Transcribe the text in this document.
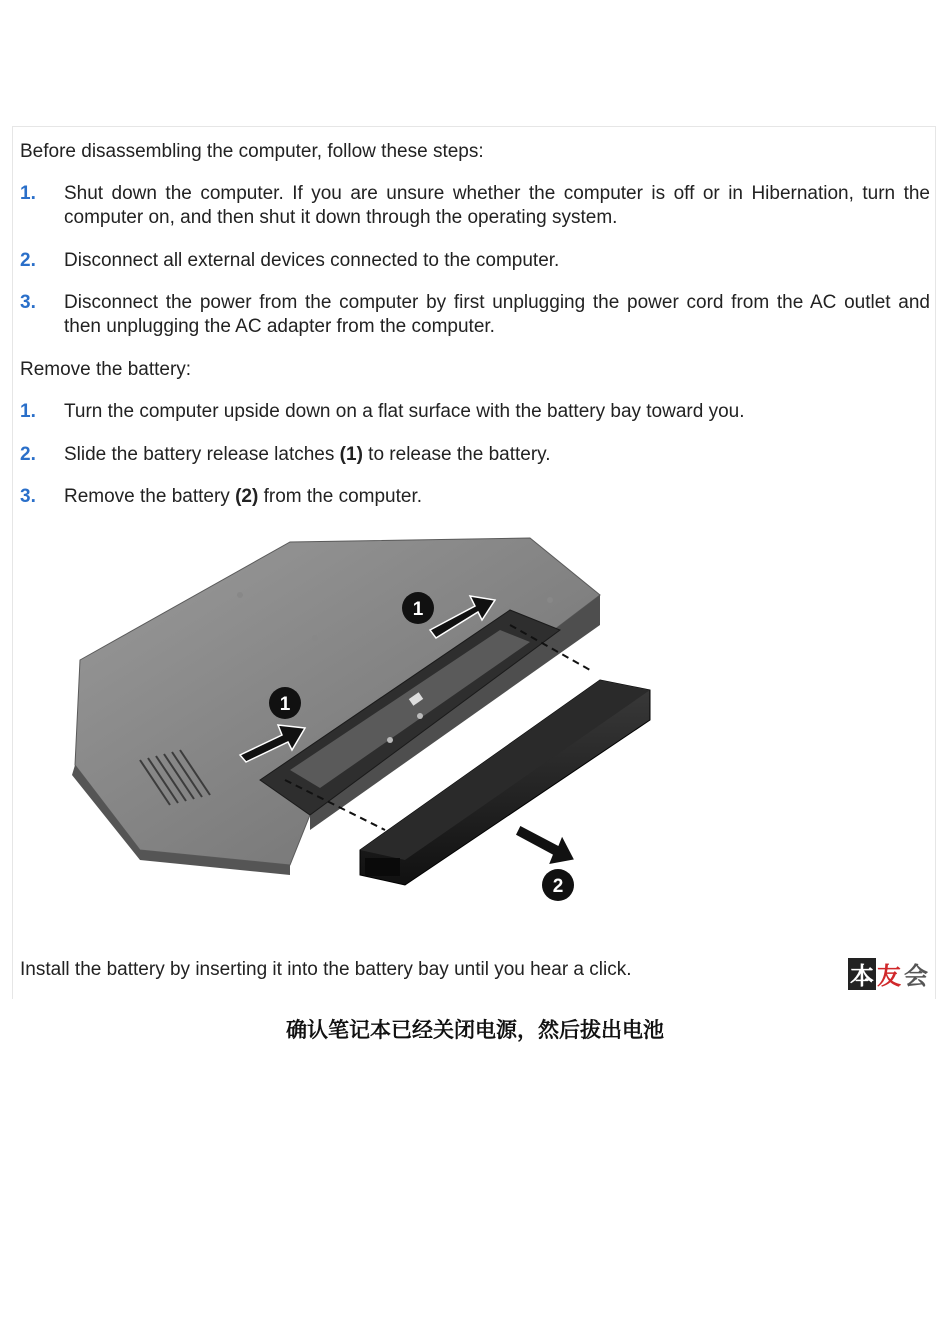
Before disassembling the computer, follow these steps:
1. Shut down the computer. If you are unsure whether the computer is off or in Hibernation, turn the computer on, and then shut it down through the operating system.
2. Disconnect all external devices connected to the computer.
3. Disconnect the power from the computer by first unplugging the power cord from the AC outlet and then unplugging the AC adapter from the computer.
Remove the battery:
1. Turn the computer upside down on a flat surface with the battery bay toward you.
2. Slide the battery release latches (1) to release the battery.
3. Remove the battery (2) from the computer.
1
1
2
Install the battery by inserting it into the battery bay until you hear a click.	本 友 会
确认笔记本已经关闭电源，然后拔出电池
